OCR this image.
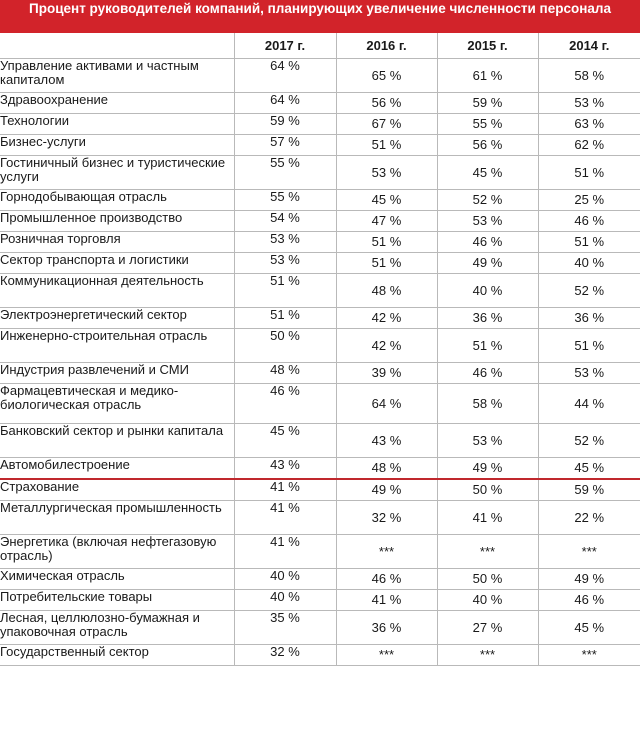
Процент руководителей компаний, планирующих увеличение численности персонала
	2017 г.	2016 г.	2015 г.	2014 г.
Управление активами и частным капиталом	64 %	65 %	61 %	58 %
Здравоохранение	64 %	56 %	59 %	53 %
Технологии	59 %	67 %	55 %	63 %
Бизнес-услуги	57 %	51 %	56 %	62 %
Гостиничный бизнес и туристические услуги	55 %	53 %	45 %	51 %
Горнодобывающая отрасль	55 %	45 %	52 %	25 %
Промышленное производство	54 %	47 %	53 %	46 %
Розничная торговля	53 %	51 %	46 %	51 %
Сектор транспорта и логистики	53 %	51 %	49 %	40 %
Коммуникационная деятельность	51 %	48 %	40 %	52 %
Электроэнергетический сектор	51 %	42 %	36 %	36 %
Инженерно-строительная отрасль	50 %	42 %	51 %	51 %
Индустрия развлечений и СМИ	48 %	39 %	46 %	53 %
Фармацевтическая и медико-биологическая отрасль	46 %	64 %	58 %	44 %
Банковский сектор и рынки капитала	45 %	43 %	53 %	52 %
Автомобилестроение	43 %	48 %	49 %	45 %
Страхование	41 %	49 %	50 %	59 %
Металлургическая промышленность	41 %	32 %	41 %	22 %
Энергетика (включая нефтегазовую отрасль)	41 %	***	***	***
Химическая отрасль	40 %	46 %	50 %	49 %
Потребительские товары	40 %	41 %	40 %	46 %
Лесная, целлюлозно-бумажная и упаковочная отрасль	35 %	36 %	27 %	45 %
Государственный сектор	32 %	***	***	***
